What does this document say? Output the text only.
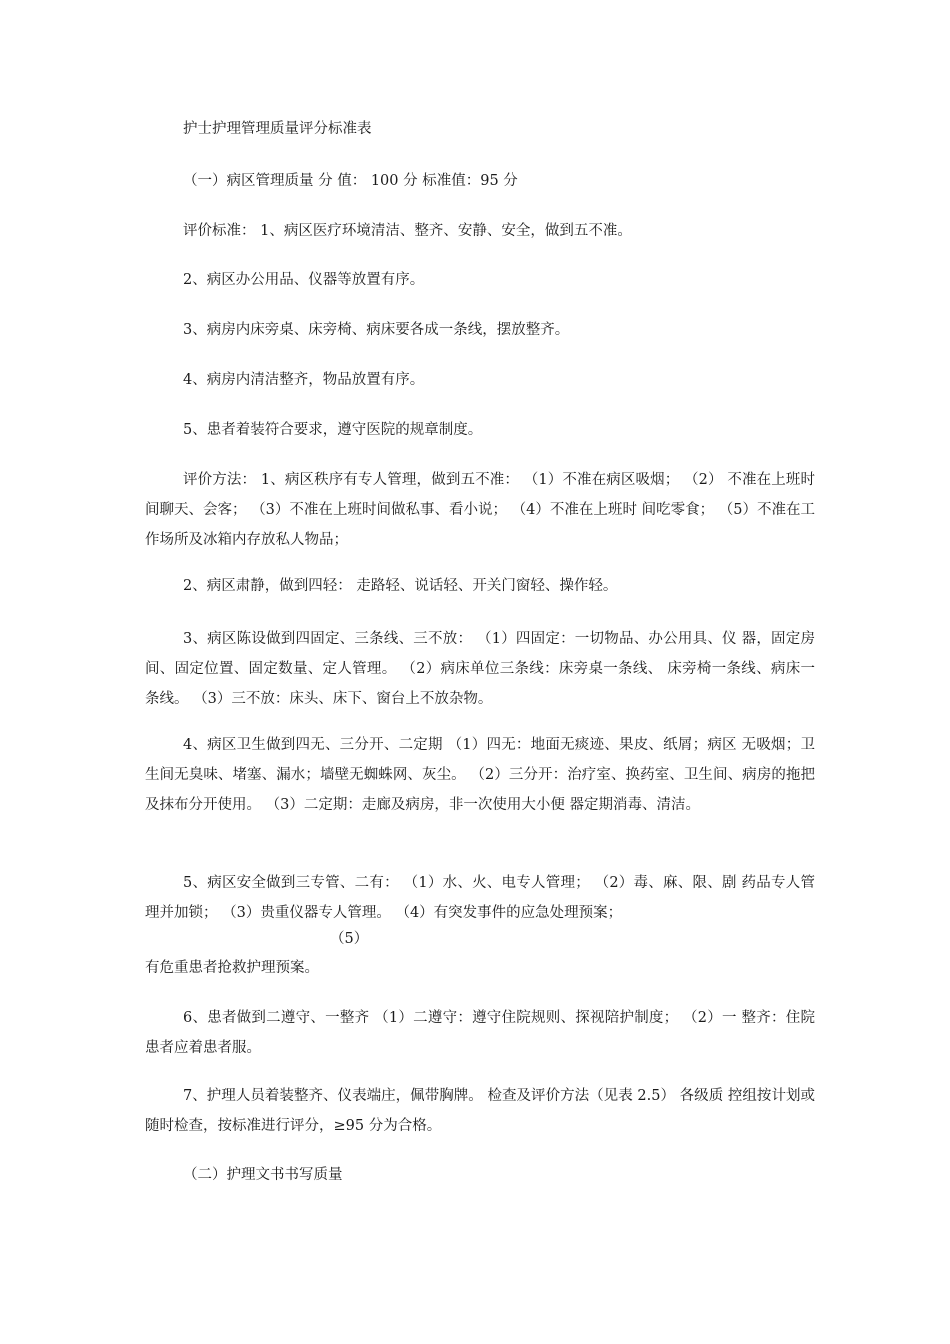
护士护理管理质量评分标准表
（一）病区管理质量 分 值： 100 分 标准值：95 分
评价标准： 1、病区医疗环境清洁、整齐、安静、安全，做到五不准。
2、病区办公用品、仪器等放置有序。
3、病房内床旁桌、床旁椅、病床要各成一条线，摆放整齐。
4、病房内清洁整齐，物品放置有序。
5、患者着装符合要求，遵守医院的规章制度。
评价方法： 1、病区秩序有专人管理，做到五不准： （1）不准在病区吸烟； （2） 不准在上班时间聊天、会客； （3）不准在上班时间做私事、看小说； （4）不准在上班时 间吃零食； （5）不准在工作场所及冰箱内存放私人物品；
2、病区肃静，做到四轻： 走路轻、说话轻、开关门窗轻、操作轻。
3、病区陈设做到四固定、三条线、三不放： （1）四固定：一切物品、办公用具、仪 器，固定房间、固定位置、固定数量、定人管理。 （2）病床单位三条线：床旁桌一条线、 床旁椅一条线、病床一条线。 （3）三不放：床头、床下、窗台上不放杂物。
4、病区卫生做到四无、三分开、二定期 （1）四无：地面无痰迹、果皮、纸屑；病区 无吸烟；卫生间无臭味、堵塞、漏水；墙壁无蜘蛛网、灰尘。 （2）三分开：治疗室、换药室、卫生间、病房的拖把及抹布分开使用。 （3）二定期：走廊及病房，非一次使用大小便 器定期消毒、清洁。
5、病区安全做到三专管、二有： （1）水、火、电专人管理； （2）毒、麻、限、剧 药品专人管理并加锁； （3）贵重仪器专人管理。 （4）有突发事件的应急处理预案；
（5）
有危重患者抢救护理预案。
6、患者做到二遵守、一整齐 （1）二遵守：遵守住院规则、探视陪护制度； （2）一 整齐：住院患者应着患者服。
7、护理人员着装整齐、仪表端庄，佩带胸牌。 检查及评价方法（见表 2.5） 各级质 控组按计划或随时检查，按标准进行评分，≥95 分为合格。
（二）护理文书书写质量
